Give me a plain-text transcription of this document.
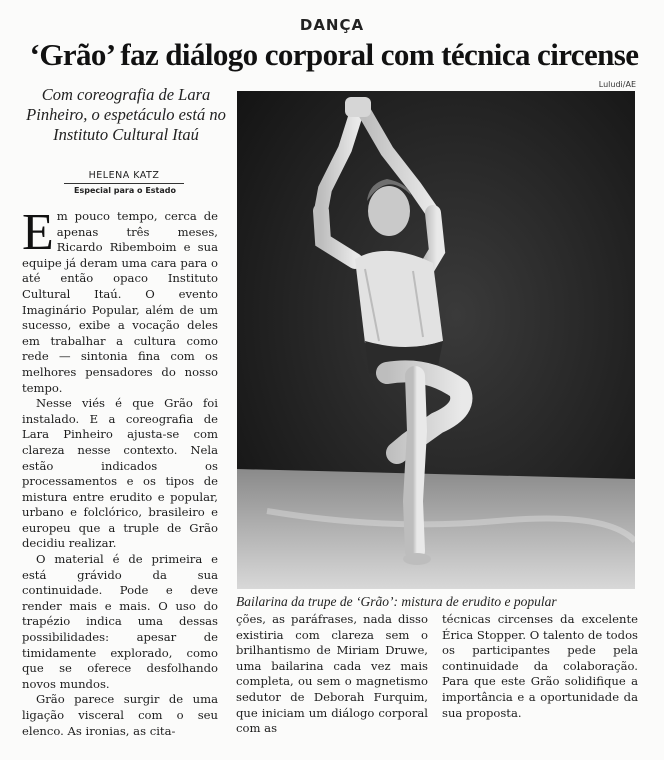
DANÇA
‘Grão’ faz diálogo corporal com técnica circense
Luludi/AE
Com coreografia de Lara Pinheiro, o espetáculo está no Instituto Cultural Itaú
HELENA KATZ
Especial para o Estado

Em pouco tempo, cerca de apenas três meses, Ricardo Ribemboim e sua equipe já deram uma cara para o até então opaco Instituto Cultural Itaú. O evento Imaginário Popular, além de um sucesso, exibe a vocação deles em trabalhar a cultura como rede — sintonia fina com os melhores pensadores do nosso tempo.

Nesse viés é que Grão foi instalado. E a coreografia de Lara Pinheiro ajusta-se com clareza nesse contexto. Nela estão indicados os processamentos e os tipos de mistura entre erudito e popular, urbano e folclórico, brasileiro e europeu que a truple de Grão decidiu realizar.

O material é de primeira e está grávido da sua continuidade. Pode e deve render mais e mais. O uso do trapézio indica uma dessas possibilidades: apesar de timidamente explorado, como que se oferece desfolhando novos mundos.

Grão parece surgir de uma ligação visceral com o seu elenco. As ironias, as cita-

Bailarina da trupe de ‘Grão’: mistura de erudito e popular

ções, as paráfrases, nada disso existiria com clareza sem o brilhantismo de Miriam Druwe, uma bailarina cada vez mais completa, ou sem o magnetismo sedutor de Deborah Furquim, que iniciam um diálogo corporal com as

técnicas circenses da excelente Érica Stopper. O talento de todos os participantes pede pela continuidade da colaboração. Para que este Grão solidifique a importância e a oportunidade da sua proposta.
